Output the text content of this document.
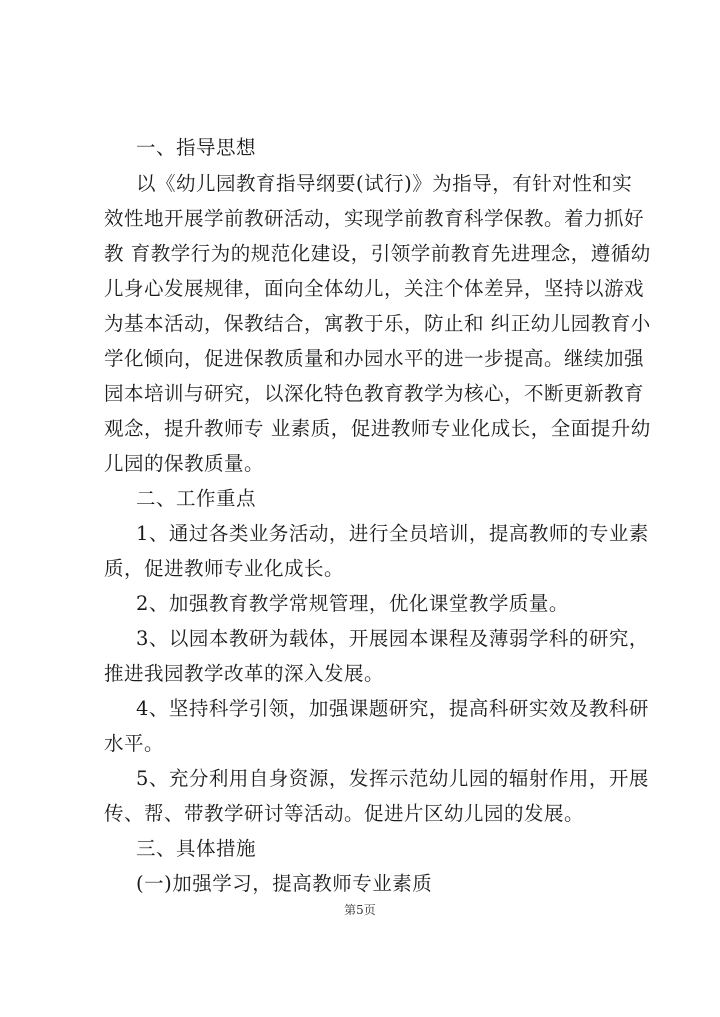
一、指导思想
以《幼儿园教育指导纲要(试行)》为指导，有针对性和实
效性地开展学前教研活动，实现学前教育科学保教。着力抓好
教 育教学行为的规范化建设，引领学前教育先进理念，遵循幼
儿身心发展规律，面向全体幼儿，关注个体差异，坚持以游戏
为基本活动，保教结合，寓教于乐，防止和 纠正幼儿园教育小
学化倾向，促进保教质量和办园水平的进一步提高。继续加强
园本培训与研究，以深化特色教育教学为核心，不断更新教育
观念，提升教师专 业素质，促进教师专业化成长，全面提升幼
儿园的保教质量。
二、工作重点
1、通过各类业务活动，进行全员培训，提高教师的专业素
质，促进教师专业化成长。
2、加强教育教学常规管理，优化课堂教学质量。
3、以园本教研为载体，开展园本课程及薄弱学科的研究，
推进我园教学改革的深入发展。
4、坚持科学引领，加强课题研究，提高科研实效及教科研
水平。
5、充分利用自身资源，发挥示范幼儿园的辐射作用，开展
传、帮、带教学研讨等活动。促进片区幼儿园的发展。
三、具体措施
(一)加强学习，提高教师专业素质
第5页
